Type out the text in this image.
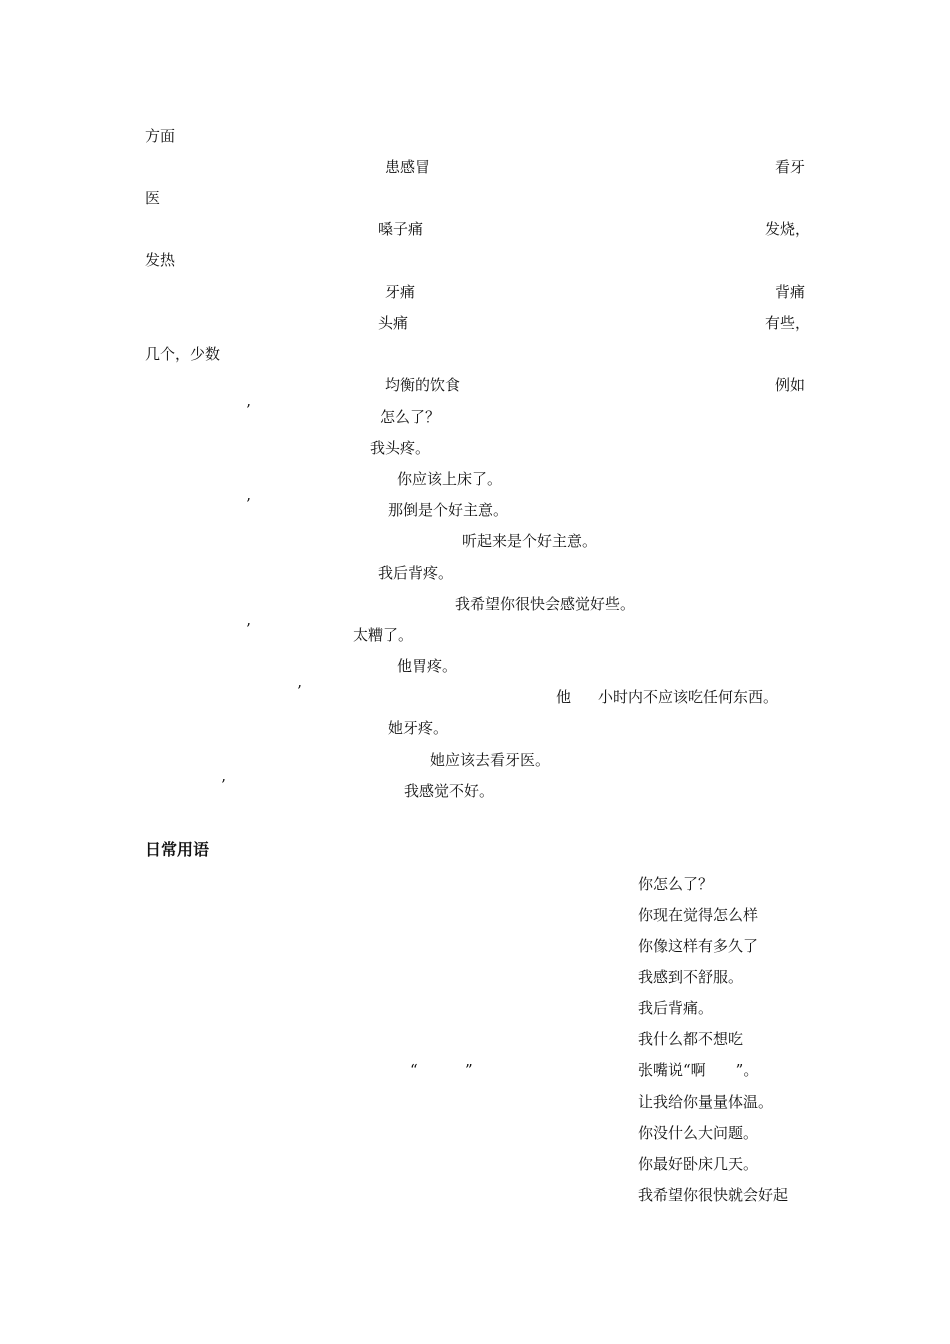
方面
患感冒	看牙
医
嗓子痛	发烧，
发热
牙痛	背痛
头痛	有些，
几个，少数
均衡的饮食	例如
’	怎么了？
我头疼。
你应该上床了。
’	那倒是个好主意。
听起来是个好主意。
我后背疼。
我希望你很快会感觉好些。
’	太糟了。
他胃疼。
’	他 小时内不应该吃任何东西。
她牙疼。
她应该去看牙医。
’	我感觉不好。
日常用语
你怎么了？
你现在觉得怎么样
你像这样有多久了
我感到不舒服。
我后背痛。
我什么都不想吃
“	”	张嘴说“啊　　”。
让我给你量量体温。
你没什么大问题。
你最好卧床几天。
我希望你很快就会好起
